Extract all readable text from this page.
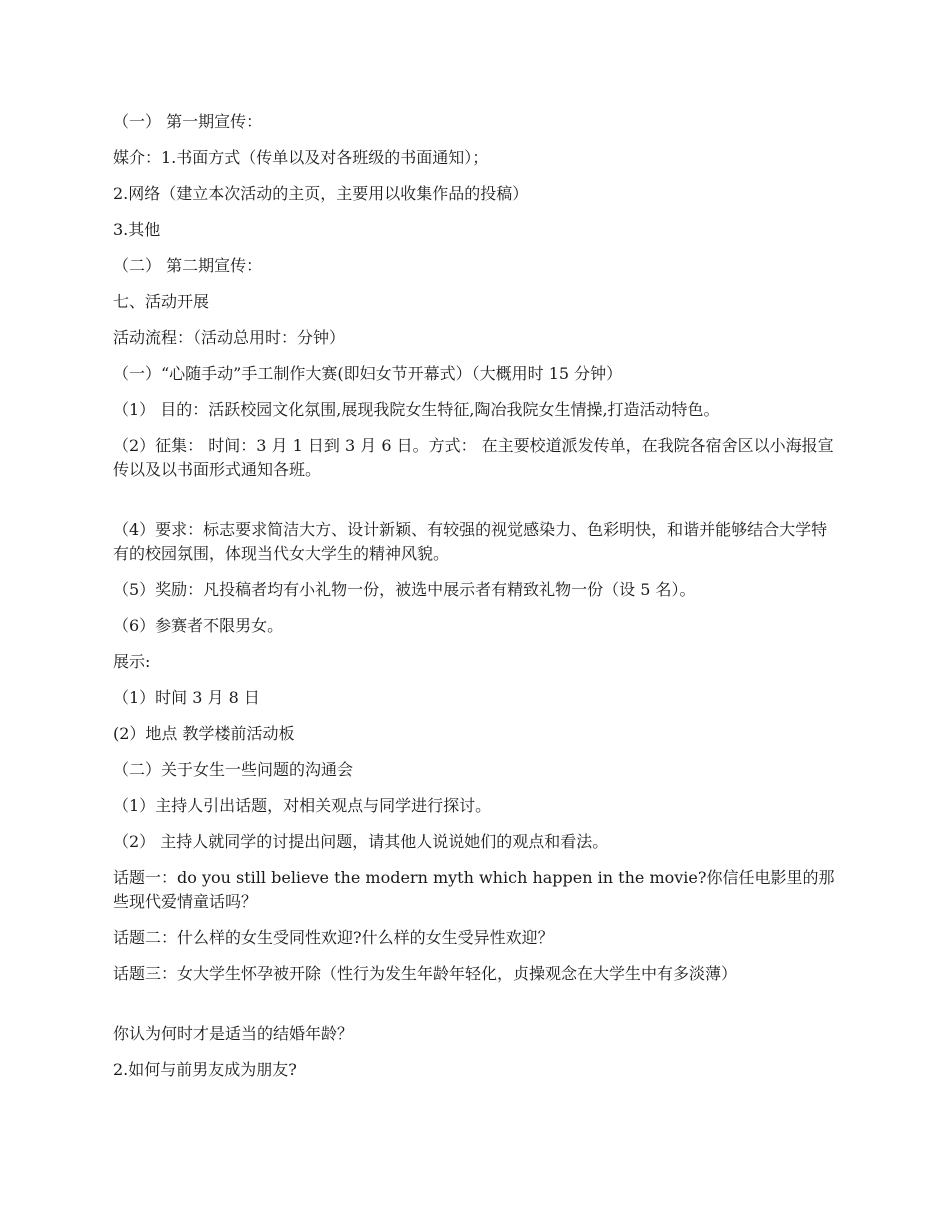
（一） 第一期宣传：

媒介：1.书面方式（传单以及对各班级的书面通知）；

2.网络（建立本次活动的主页，主要用以收集作品的投稿）

3.其他

（二） 第二期宣传：

七、活动开展

活动流程：（活动总用时：分钟）

（一）“心随手动”手工制作大赛(即妇女节开幕式）（大概用时 15 分钟）

（1） 目的：活跃校园文化氛围,展现我院女生特征,陶冶我院女生情操,打造活动特色。

（2）征集： 时间：3 月 1 日到 3 月 6 日。方式： 在主要校道派发传单，在我院各宿舍区以小海报宣传以及以书面形式通知各班。

（4）要求：标志要求简洁大方、设计新颖、有较强的视觉感染力、色彩明快，和谐并能够结合大学特有的校园氛围，体现当代女大学生的精神风貌。

（5）奖励：凡投稿者均有小礼物一份，被选中展示者有精致礼物一份（设 5 名）。

（6）参赛者不限男女。

展示:

（1）时间 3 月 8 日

(2）地点 教学楼前活动板

（二）关于女生一些问题的沟通会

（1）主持人引出话题，对相关观点与同学进行探讨。

（2） 主持人就同学的讨提出问题，请其他人说说她们的观点和看法。

话题一：do you still believe the modern myth which happen in the movie?你信任电影里的那些现代爱情童话吗？

话题二：什么样的女生受同性欢迎?什么样的女生受异性欢迎？

话题三：女大学生怀孕被开除（性行为发生年龄年轻化，贞操观念在大学生中有多淡薄）

你认为何时才是适当的结婚年龄？

2.如何与前男友成为朋友?
